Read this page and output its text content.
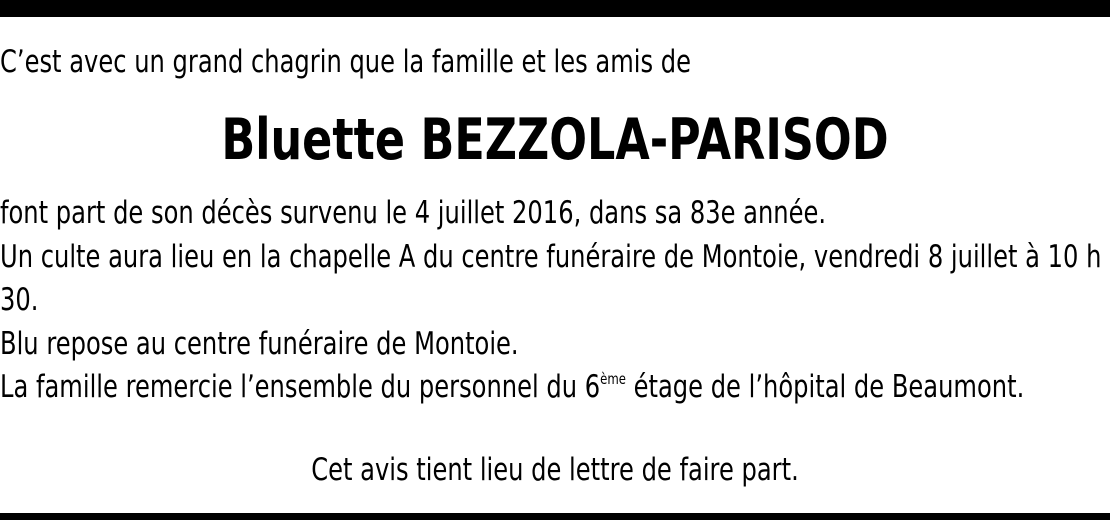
C’est avec un grand chagrin que la famille et les amis de

Bluette BEZZOLA-PARISOD

font part de son décès survenu le 4 juillet 2016, dans sa 83e année.

Un culte aura lieu en la chapelle A du centre funéraire de Montoie, vendredi 8 juillet à 10 h 30.

Blu repose au centre funéraire de Montoie.

La famille remercie l’ensemble du personnel du 6ème étage de l’hôpital de Beaumont.

Cet avis tient lieu de lettre de faire part.
